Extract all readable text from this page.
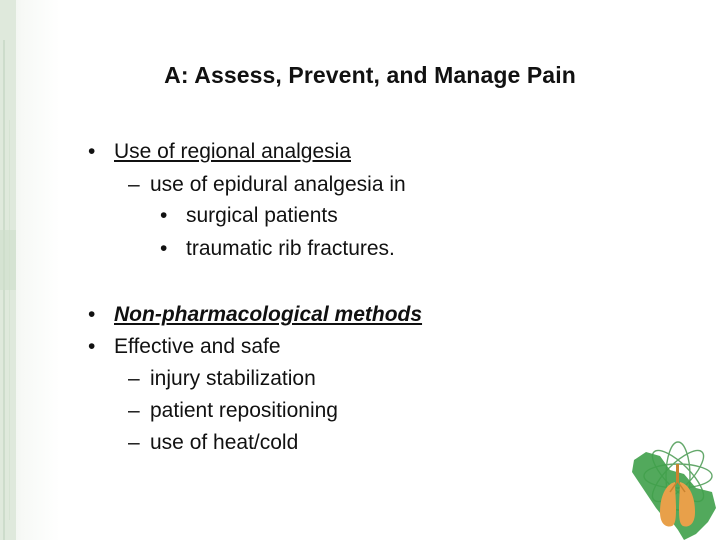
A: Assess, Prevent, and Manage Pain
• Use of regional analgesia
– use of epidural analgesia in
• surgical patients
• traumatic rib fractures.
• Non-pharmacological methods
• Effective and safe
– injury stabilization
– patient repositioning
– use of heat/cold
